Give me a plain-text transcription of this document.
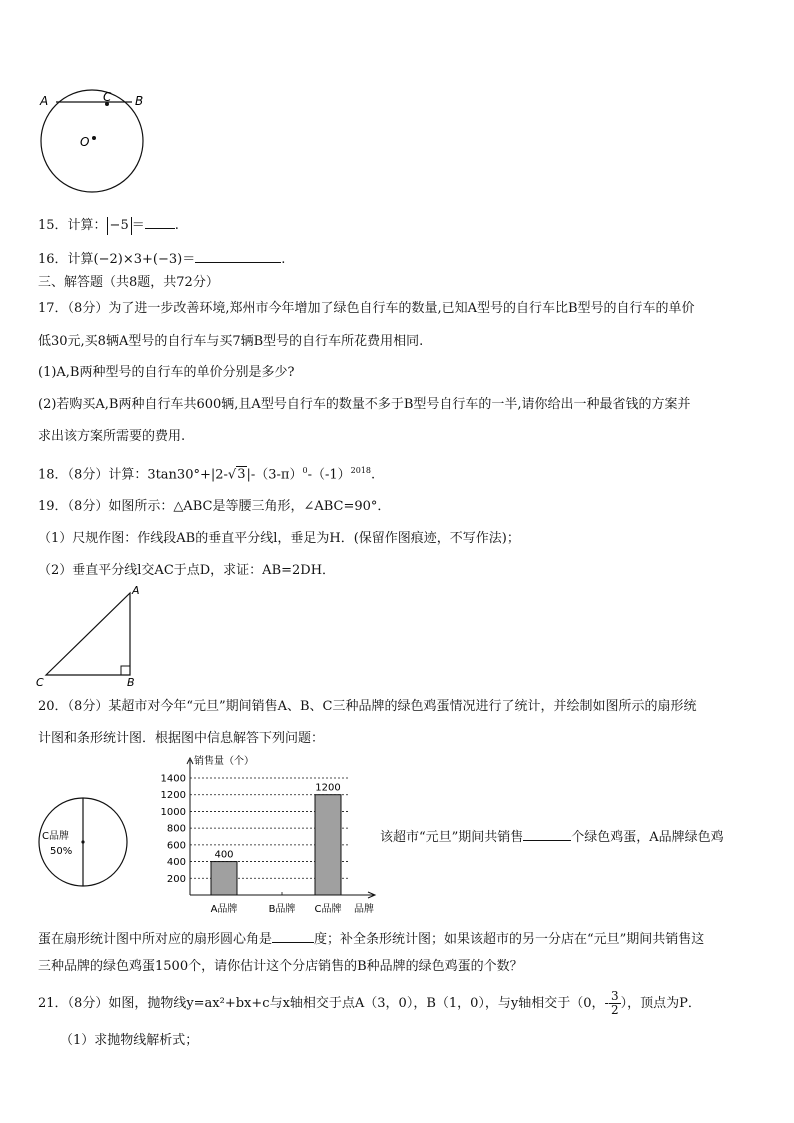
A	C B
O
15．计算： −5 ＝ .
16．计算(−2)×3+(−3)＝	.
三、解答题（共8题，共72分）
17．（8分）为了进一步改善环境,郑州市今年增加了绿色自行车的数量,已知A型号的自行车比B型号的自行车的单价
低30元,买8辆A型号的自行车与买7辆B型号的自行车所花费用相同.
(1)A,B两种型号的自行车的单价分别是多少?
(2)若购买A,B两种自行车共600辆,且A型号自行车的数量不多于B型号自行车的一半,请你给出一种最省钱的方案并
求出该方案所需要的费用.
18．（8分）计算：$3\tan 30^\circ+|2-√3|-(3-\pi)^0-(-1)^{2018}$.
19．（8分）如图所示：△ABC是等腰三角形，∠ABC=90°．
（1）尺规作图：作线段AB的垂直平分线l，垂足为H．(保留作图痕迹，不写作法)；
（2）垂直平分线l交AC于点D，求证：AB=2DH．
A
C	B
20．（8分）某超市对今年“元旦”期间销售A、B、C三种品牌的绿色鸡蛋情况进行了统计，并绘制如图所示的扇形统
计图和条形统计图．根据图中信息解答下列问题：
C品牌
50%
200
400
600
800
1000
1200
1400
销售量（个）
品牌
A品牌
400
B品牌 C品牌
1200
该超市“元旦”期间共销售	个绿色鸡蛋，A品牌绿色鸡
蛋在扇形统计图中所对应的扇形圆心角是	度；补全条形统计图；如果该超市的另一分店在“元旦”期间共销售这
三种品牌的绿色鸡蛋1500个，请你估计这个分店销售的B种品牌的绿色鸡蛋的个数？
21．（8分）如图，抛物线y=ax²+bx+c与x轴相交于点A（3，0），B（1，0），与y轴相交于（0，- $\frac{3}{2}$ ），顶点为P．
（1）求抛物线解析式；
